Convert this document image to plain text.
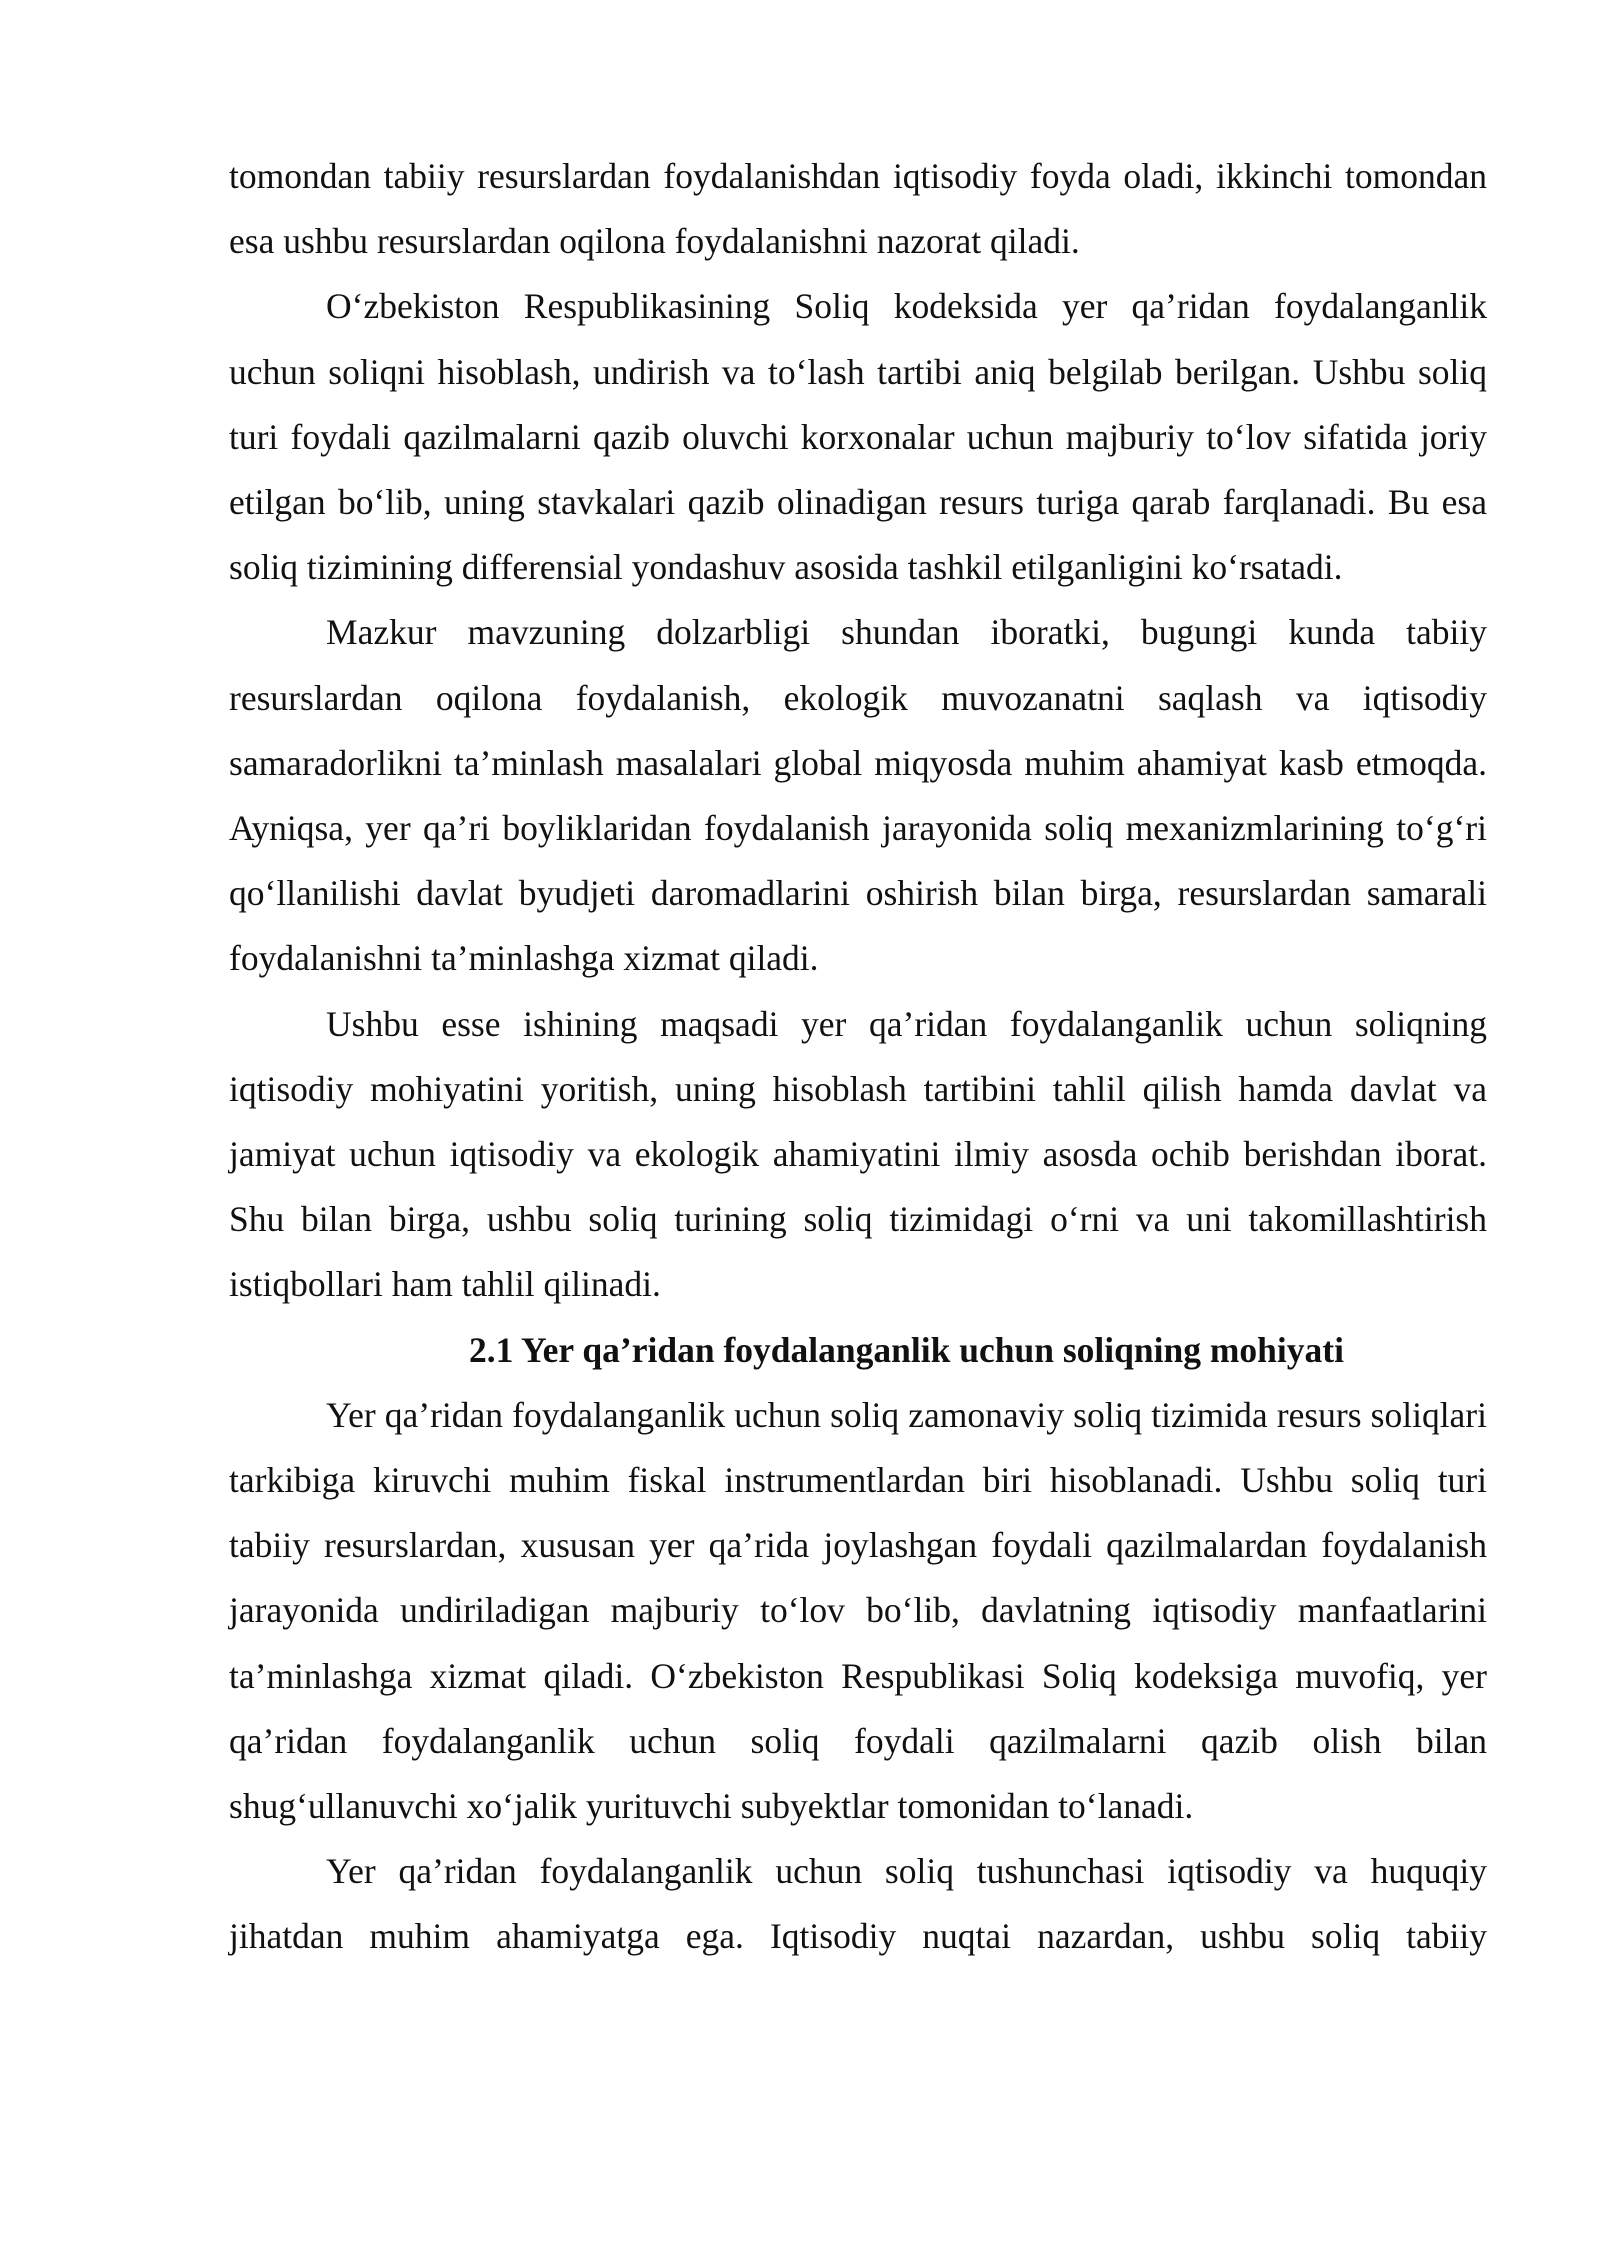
tomondan tabiiy resurslardan foydalanishdan iqtisodiy foyda oladi, ikkinchi tomondan esa ushbu resurslardan oqilona foydalanishni nazorat qiladi.

O‘zbekiston Respublikasining Soliq kodeksida yer qa’ridan foydalanganlik uchun soliqni hisoblash, undirish va to‘lash tartibi aniq belgilab berilgan. Ushbu soliq turi foydali qazilmalarni qazib oluvchi korxonalar uchun majburiy to‘lov sifatida joriy etilgan bo‘lib, uning stavkalari qazib olinadigan resurs turiga qarab farqlanadi. Bu esa soliq tizimining differensial yondashuv asosida tashkil etilganligini ko‘rsatadi.

Mazkur mavzuning dolzarbligi shundan iboratki, bugungi kunda tabiiy resurslardan oqilona foydalanish, ekologik muvozanatni saqlash va iqtisodiy samaradorlikni ta’minlash masalalari global miqyosda muhim ahamiyat kasb etmoqda. Ayniqsa, yer qa’ri boyliklaridan foydalanish jarayonida soliq mexanizmlarining to‘g‘ri qo‘llanilishi davlat byudjeti daromadlarini oshirish bilan birga, resurslardan samarali foydalanishni ta’minlashga xizmat qiladi.

Ushbu esse ishining maqsadi yer qa’ridan foydalanganlik uchun soliqning iqtisodiy mohiyatini yoritish, uning hisoblash tartibini tahlil qilish hamda davlat va jamiyat uchun iqtisodiy va ekologik ahamiyatini ilmiy asosda ochib berishdan iborat. Shu bilan birga, ushbu soliq turining soliq tizimidagi o‘rni va uni takomillashtirish istiqbollari ham tahlil qilinadi.

2.1 Yer qa’ridan foydalanganlik uchun soliqning mohiyati

Yer qa’ridan foydalanganlik uchun soliq zamonaviy soliq tizimida resurs soliqlari tarkibiga kiruvchi muhim fiskal instrumentlardan biri hisoblanadi. Ushbu soliq turi tabiiy resurslardan, xususan yer qa’rida joylashgan foydali qazilmalardan foydalanish jarayonida undiriladigan majburiy to‘lov bo‘lib, davlatning iqtisodiy manfaatlarini ta’minlashga xizmat qiladi. O‘zbekiston Respublikasi Soliq kodeksiga muvofiq, yer qa’ridan foydalanganlik uchun soliq foydali qazilmalarni qazib olish bilan shug‘ullanuvchi xo‘jalik yurituvchi subyektlar tomonidan to‘lanadi.

Yer qa’ridan foydalanganlik uchun soliq tushunchasi iqtisodiy va huquqiy jihatdan muhim ahamiyatga ega. Iqtisodiy nuqtai nazardan, ushbu soliq tabiiy
